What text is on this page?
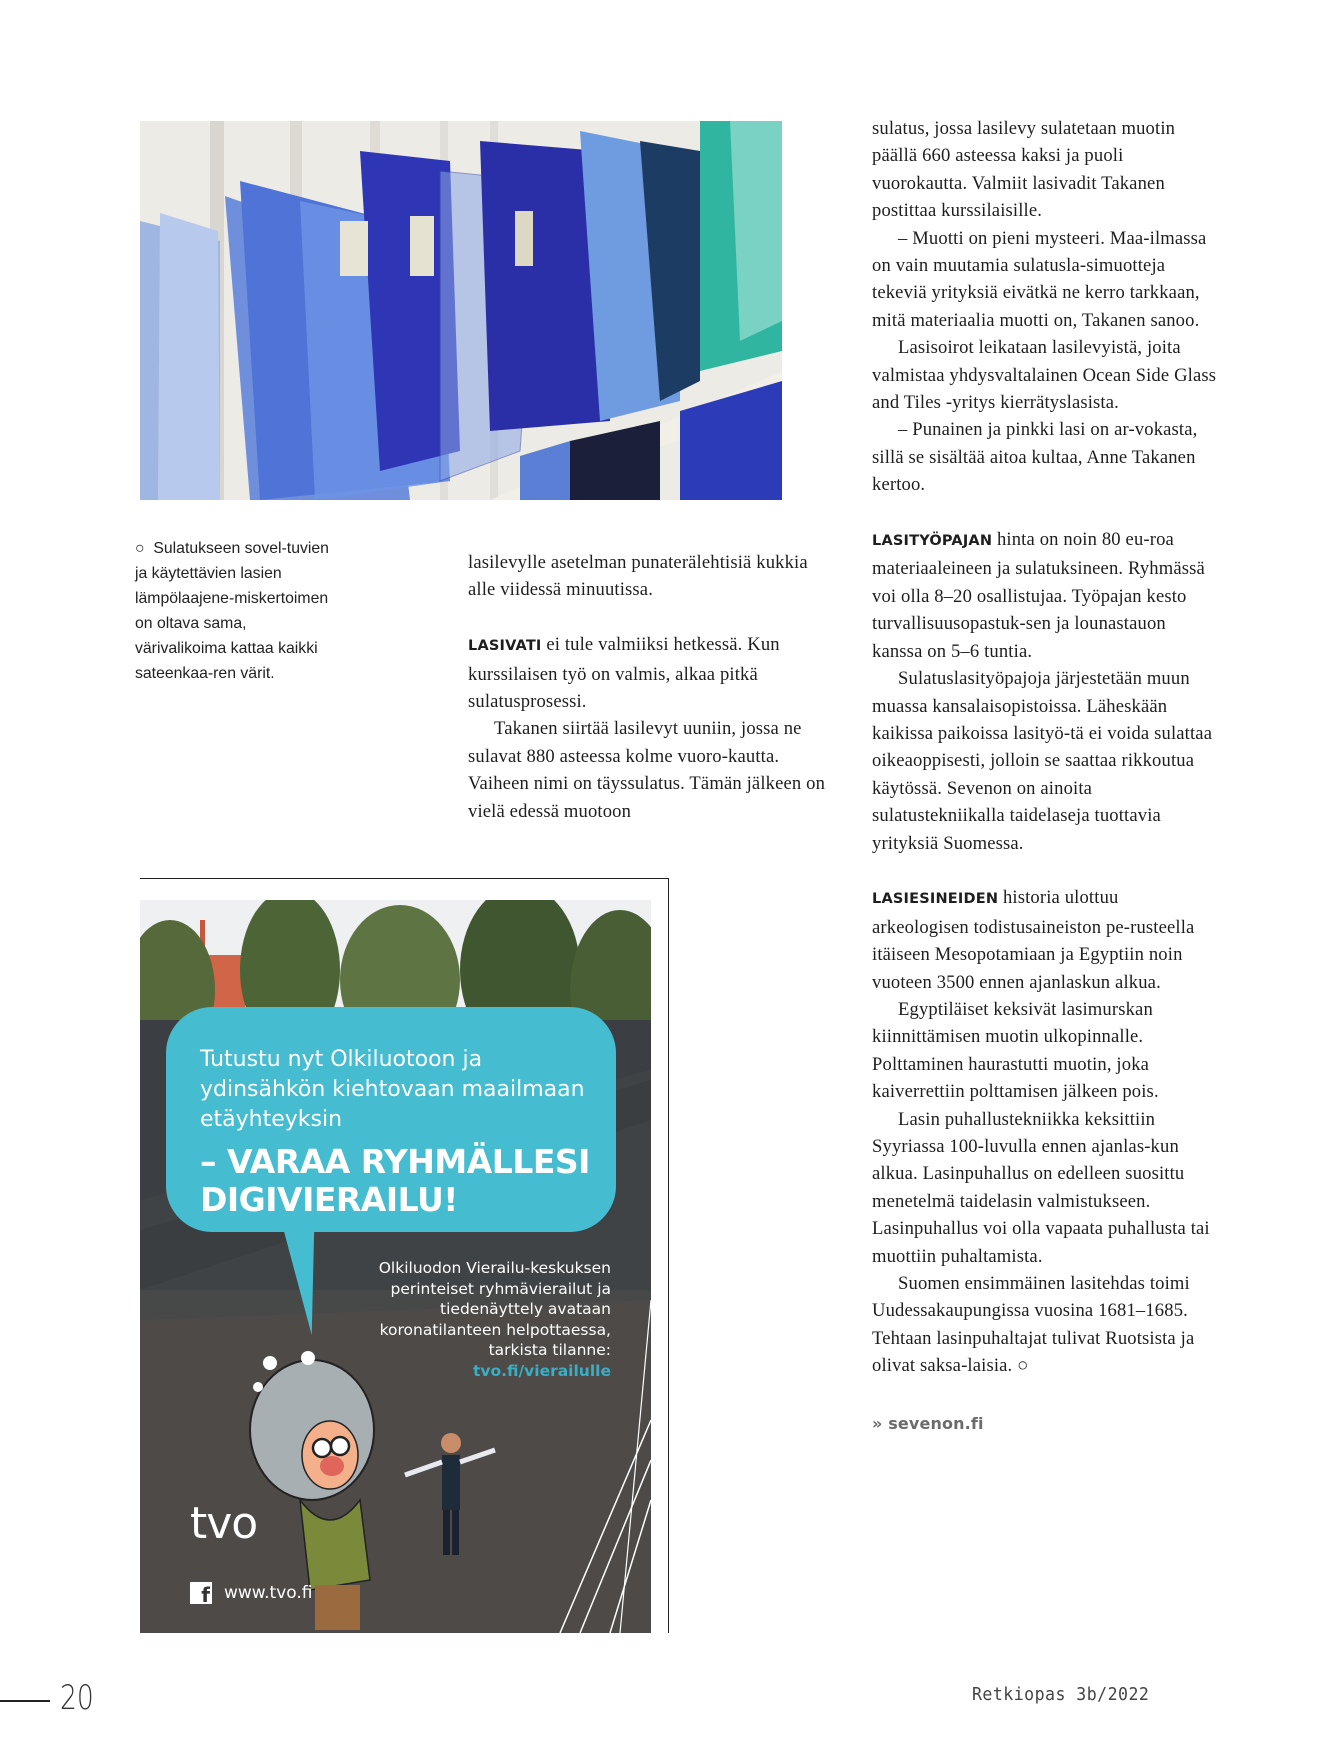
○ Sulatukseen sovel-tuvien ja käytettävien lasien lämpölaajene-miskertoimen on oltava sama, värivalikoima kattaa kaikki sateenkaa-ren värit.

lasilevylle asetelman punaterälehtisiä kukkia alle viidessä minuutissa.

LASIVATI ei tule valmiiksi hetkessä. Kun kurssilaisen työ on valmis, alkaa pitkä sulatusprosessi.

Takanen siirtää lasilevyt uuniin, jossa ne sulavat 880 asteessa kolme vuoro-kautta. Vaiheen nimi on täyssulatus. Tämän jälkeen on vielä edessä muotoon

sulatus, jossa lasilevy sulatetaan muotin päällä 660 asteessa kaksi ja puoli vuorokautta. Valmiit lasivadit Takanen postittaa kurssilaisille.

– Muotti on pieni mysteeri. Maa-ilmassa on vain muutamia sulatusla-simuotteja tekeviä yrityksiä eivätkä ne kerro tarkkaan, mitä materiaalia muotti on, Takanen sanoo.

Lasisoirot leikataan lasilevyistä, joita valmistaa yhdysvaltalainen Ocean Side Glass and Tiles -yritys kierrätyslasista.

– Punainen ja pinkki lasi on ar-vokasta, sillä se sisältää aitoa kultaa, Anne Takanen kertoo.

LASITYÖPAJAN hinta on noin 80 eu-roa materiaaleineen ja sulatuksineen. Ryhmässä voi olla 8–20 osallistujaa. Työpajan kesto turvallisuusopastuk-sen ja lounastauon kanssa on 5–6 tuntia.

Sulatuslasityöpajoja järjestetään muun muassa kansalaisopistoissa. Läheskään kaikissa paikoissa lasityö-tä ei voida sulattaa oikeaoppisesti, jolloin se saattaa rikkoutua käytössä. Sevenon on ainoita sulatustekniikalla taidelaseja tuottavia yrityksiä Suomessa.

LASIESINEIDEN historia ulottuu arkeologisen todistusaineiston pe-rusteella itäiseen Mesopotamiaan ja Egyptiin noin vuoteen 3500 ennen ajanlaskun alkua.

Egyptiläiset keksivät lasimurskan kiinnittämisen muotin ulkopinnalle. Polttaminen haurastutti muotin, joka kaiverrettiin polttamisen jälkeen pois.

Lasin puhallustekniikka keksittiin Syyriassa 100-luvulla ennen ajanlas-kun alkua. Lasinpuhallus on edelleen suosittu menetelmä taidelasin valmistukseen. Lasinpuhallus voi olla vapaata puhallusta tai muottiin puhaltamista.

Suomen ensimmäinen lasitehdas toimi Uudessakaupungissa vuosina 1681–1685. Tehtaan lasinpuhaltajat tulivat Ruotsista ja olivat saksa-laisia. ○

» sevenon.fi

Tutustu nyt Olkiluotoon ja ydinsähkön kiehtovaan maailmaan etäyhteyksin
– VARAA RYHMÄLLESI DIGIVIERAILU!
Olkiluodon Vierailu-keskuksen perinteiset ryhmävierailut ja tiedenäyttely avataan koronatilanteen helpottaessa, tarkista tilanne:
tvo.fi/vierailulle
tvo
f www.tvo.fi
20	Retkiopas 3b/2022
